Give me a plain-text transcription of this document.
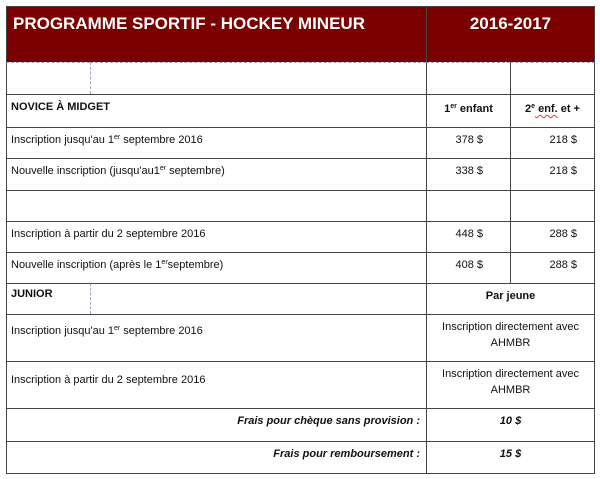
PROGRAMME SPORTIF - HOCKEY MINEUR	2016-2017
NOVICE À MIDGET	1er enfant	2e enf. et +
Inscription jusqu'au 1er septembre 2016	378 $	218 $
Nouvelle inscription (jusqu'au1er septembre)	338 $	218 $
Inscription à partir du 2 septembre 2016	448 $	288 $
Nouvelle inscription (après le 1erseptembre)	408 $	288 $
JUNIOR	Par jeune
Inscription jusqu'au 1er septembre 2016	Inscription directement avec
AHMBR
Inscription à partir du 2 septembre 2016	Inscription directement avec
AHMBR
Frais pour chèque sans provision :	10 $
Frais pour remboursement :	15 $
